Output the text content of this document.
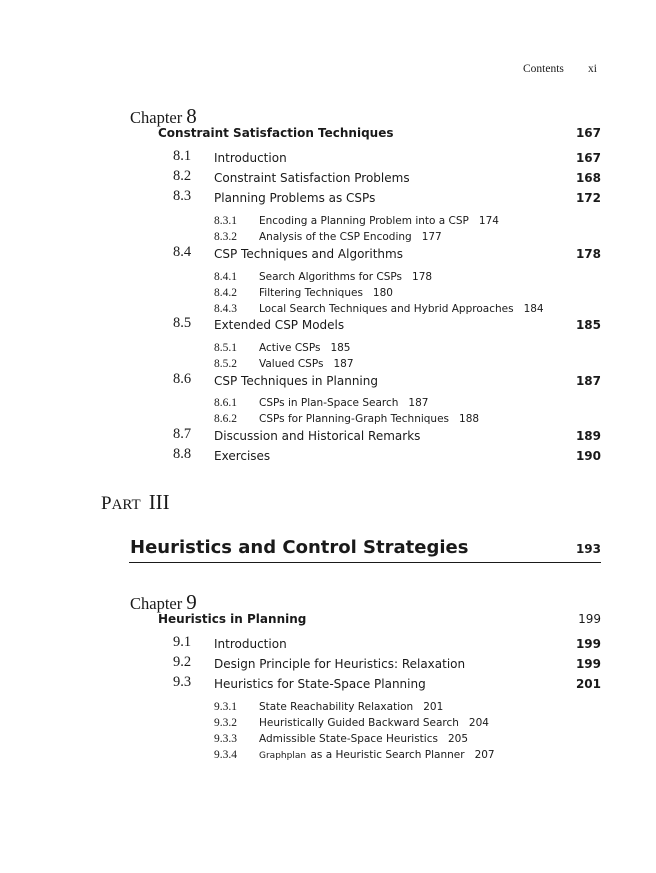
Contents xi
Chapter 8
Constraint Satisfaction Techniques	167
8.1 Introduction	167
8.2 Constraint Satisfaction Problems	168
8.3 Planning Problems as CSPs	172
8.3.1 Encoding a Planning Problem into a CSP 174
8.3.2 Analysis of the CSP Encoding 177
8.4 CSP Techniques and Algorithms	178
8.4.1 Search Algorithms for CSPs 178
8.4.2 Filtering Techniques 180
8.4.3 Local Search Techniques and Hybrid Approaches 184
8.5 Extended CSP Models	185
8.5.1 Active CSPs 185
8.5.2 Valued CSPs 187
8.6 CSP Techniques in Planning	187
8.6.1 CSPs in Plan-Space Search 187
8.6.2 CSPs for Planning-Graph Techniques 188
8.7 Discussion and Historical Remarks	189
8.8 Exercises	190
PART III
Heuristics and Control Strategies	193
Chapter 9
Heuristics in Planning	199
9.1 Introduction	199
9.2 Design Principle for Heuristics: Relaxation	199
9.3 Heuristics for State-Space Planning	201
9.3.1 State Reachability Relaxation 201
9.3.2 Heuristically Guided Backward Search 204
9.3.3 Admissible State-Space Heuristics 205
9.3.4 Graphplan as a Heuristic Search Planner 207
